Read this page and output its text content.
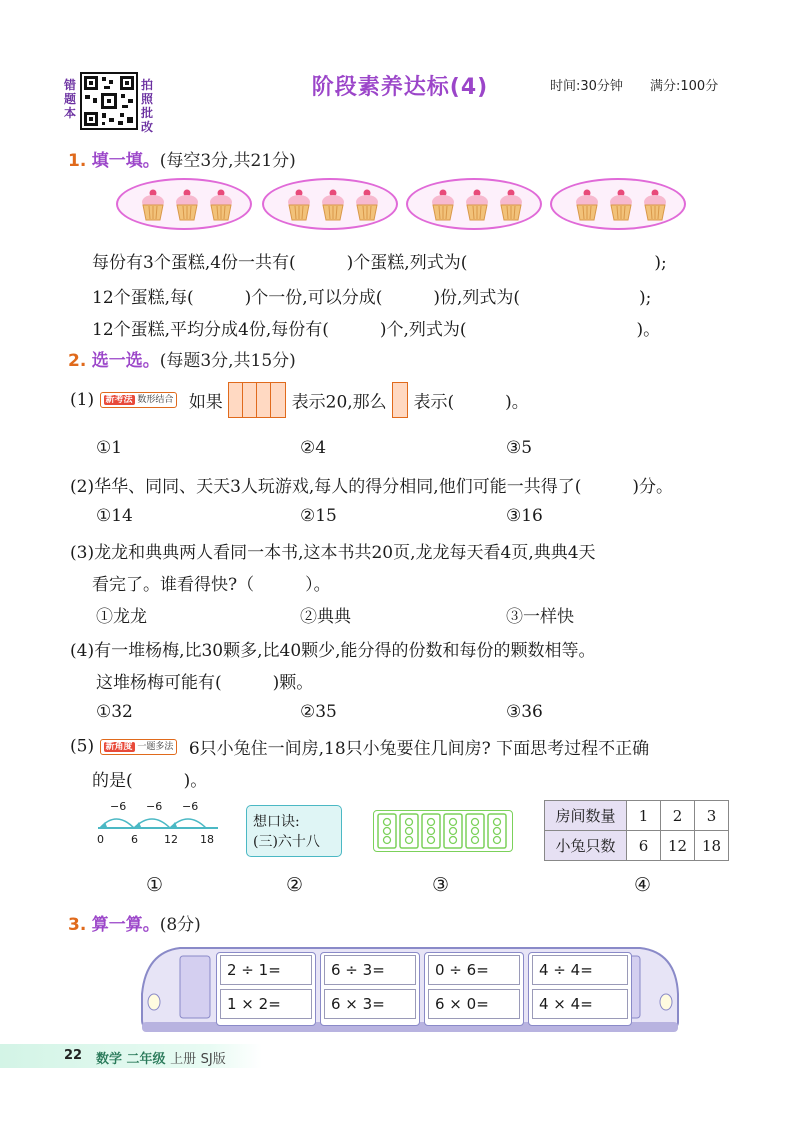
错题本
拍照批改
阶段素养达标(4)	时间:30分钟 满分:100分
1. 填一填。(每空3分,共21分)
每份有3个蛋糕,4份一共有(　　　)个蛋糕,列式为(　　　　　　　　　　　);
12个蛋糕,每(　　　)个一份,可以分成(　　　)份,列式为(　　　　　　　);
12个蛋糕,平均分成4份,每份有(　　　)个,列式为(　　　　　　　　　　)。
2. 选一选。(每题3分,共15分)
(1) 新考法 数形结合 如果	表示20,那么 表示(　　　)。
①1	②4	③5
(2)华华、同同、天天3人玩游戏,每人的得分相同,他们可能一共得了(　　　)分。
①14	②15	③16
(3)龙龙和典典两人看同一本书,这本书共20页,龙龙每天看4页,典典4天
看完了。谁看得快?（　　　）。
①龙龙	②典典	③一样快
(4)有一堆杨梅,比30颗多,比40颗少,能分得的份数和每份的颗数相等。
这堆杨梅可能有(　　　)颗。
①32	②35	③36
(5) 新角度 一题多法 6只小兔住一间房,18只小兔要住几间房? 下面思考过程不正确
的是(　　　)。
−6 −6 −6
0 6 12 18
想口诀:
(三)六十八
房间数量	1	2	3
小兔只数	6	12	18
①	②	③	④
3. 算一算。(8分)
2 ÷ 1=	6 ÷ 3=	0 ÷ 6=	4 ÷ 4=
1 × 2=	6 × 3=	6 × 0=	4 × 4=
22 数学 二年级 上册 SJ版
